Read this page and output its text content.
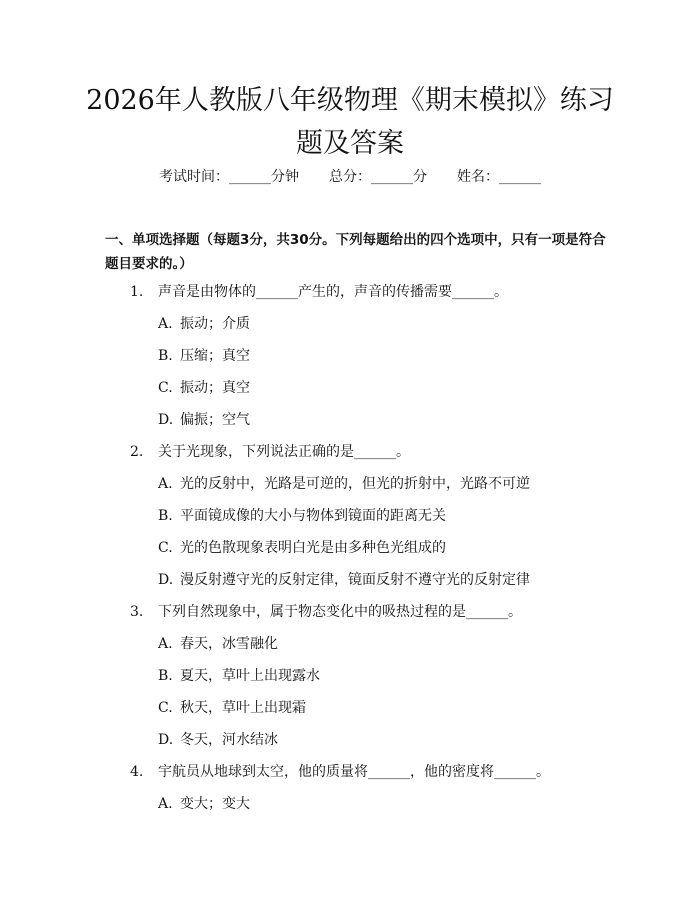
2026年人教版八年级物理《期末模拟》练习
题及答案
考试时间：______分钟 总分：______分 姓名：______
一、单项选择题（每题3分，共30分。下列每题给出的四个选项中，只有一项是符合题目要求的。）
1. 声音是由物体的______产生的，声音的传播需要______。
A. 振动；介质
B. 压缩；真空
C. 振动；真空
D. 偏振；空气
2. 关于光现象，下列说法正确的是______。
A. 光的反射中，光路是可逆的，但光的折射中，光路不可逆
B. 平面镜成像的大小与物体到镜面的距离无关
C. 光的色散现象表明白光是由多种色光组成的
D. 漫反射遵守光的反射定律，镜面反射不遵守光的反射定律
3. 下列自然现象中，属于物态变化中的吸热过程的是______。
A. 春天，冰雪融化
B. 夏天，草叶上出现露水
C. 秋天，草叶上出现霜
D. 冬天，河水结冰
4. 宇航员从地球到太空，他的质量将______，他的密度将______。
A. 变大；变大
